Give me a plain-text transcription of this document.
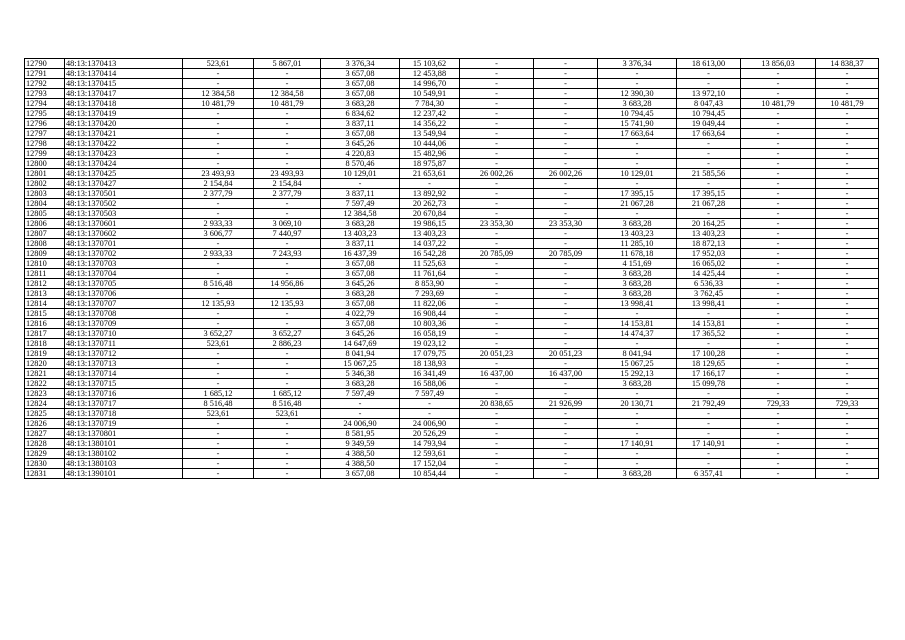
12790	48:13:1370413	523,61	5 867,01	3 376,34	15 103,62	-	-	3 376,34	18 613,00	13 856,03	14 838,37
12791	48:13:1370414	-	-	3 657,08	12 453,88	-	-	-	-	-	-
12792	48:13:1370415	-	-	3 657,08	14 996,70	-	-	-	-	-	-
12793	48:13:1370417	12 384,58	12 384,58	3 657,08	10 549,91	-	-	12 390,30	13 972,10	-	-
12794	48:13:1370418	10 481,79	10 481,79	3 683,28	7 784,30	-	-	3 683,28	8 047,43	10 481,79	10 481,79
12795	48:13:1370419	-	-	6 834,62	12 237,42	-	-	10 794,45	10 794,45	-	-
12796	48:13:1370420	-	-	3 837,11	14 356,22	-	-	15 741,90	19 049,44	-	-
12797	48:13:1370421	-	-	3 657,08	13 549,94	-	-	17 663,64	17 663,64	-	-
12798	48:13:1370422	-	-	3 645,26	10 444,06	-	-	-	-	-	-
12799	48:13:1370423	-	-	4 220,83	15 482,96	-	-	-	-	-	-
12800	48:13:1370424	-	-	8 570,46	18 975,87	-	-	-	-	-	-
12801	48:13:1370425	23 493,93	23 493,93	10 129,01	21 653,61	26 002,26	26 002,26	10 129,01	21 585,56	-	-
12802	48:13:1370427	2 154,84	2 154,84	-	-	-	-	-	-	-	-
12803	48:13:1370501	2 377,79	2 377,79	3 837,11	13 892,92	-	-	17 395,15	17 395,15	-	-
12804	48:13:1370502	-	-	7 597,49	20 262,73	-	-	21 067,28	21 067,28	-	-
12805	48:13:1370503	-	-	12 384,58	20 670,84	-	-	-	-	-	-
12806	48:13:1370601	2 933,33	3 069,10	3 683,28	19 986,15	23 353,30	23 353,30	3 683,28	20 164,25	-	-
12807	48:13:1370602	3 606,77	7 440,97	13 403,23	13 403,23	-	-	13 403,23	13 403,23	-	-
12808	48:13:1370701	-	-	3 837,11	14 037,22	-	-	11 285,10	18 872,13	-	-
12809	48:13:1370702	2 933,33	7 243,93	16 437,39	16 542,28	20 785,09	20 785,09	11 678,18	17 952,03	-	-
12810	48:13:1370703	-	-	3 657,08	11 525,63	-	-	4 151,69	16 065,02	-	-
12811	48:13:1370704	-	-	3 657,08	11 761,64	-	-	3 683,28	14 425,44	-	-
12812	48:13:1370705	8 516,48	14 956,86	3 645,26	8 853,90	-	-	3 683,28	6 536,33	-	-
12813	48:13:1370706	-	-	3 683,28	7 293,69	-	-	3 683,28	3 762,45	-	-
12814	48:13:1370707	12 135,93	12 135,93	3 657,08	11 822,06	-	-	13 998,41	13 998,41	-	-
12815	48:13:1370708	-	-	4 022,79	16 908,44	-	-	-	-	-	-
12816	48:13:1370709	-	-	3 657,08	10 803,36	-	-	14 153,81	14 153,81	-	-
12817	48:13:1370710	3 652,27	3 652,27	3 645,26	16 058,19	-	-	14 474,37	17 365,52	-	-
12818	48:13:1370711	523,61	2 886,23	14 647,69	19 023,12	-	-	-	-	-	-
12819	48:13:1370712	-	-	8 041,94	17 079,75	20 051,23	20 051,23	8 041,94	17 100,28	-	-
12820	48:13:1370713	-	-	15 067,25	18 138,93	-	-	15 067,25	18 129,65	-	-
12821	48:13:1370714	-	-	5 346,38	16 341,49	16 437,00	16 437,00	15 292,13	17 166,17	-	-
12822	48:13:1370715	-	-	3 683,28	16 588,06	-	-	3 683,28	15 099,78	-	-
12823	48:13:1370716	1 685,12	1 685,12	7 597,49	7 597,49	-	-	-	-	-	-
12824	48:13:1370717	8 516,48	8 516,48	-	-	20 838,65	21 926,99	20 130,71	21 792,49	729,33	729,33
12825	48:13:1370718	523,61	523,61	-	-	-	-	-	-	-	-
12826	48:13:1370719	-	-	24 006,90	24 006,90	-	-	-	-	-	-
12827	48:13:1370801	-	-	8 581,95	20 526,29	-	-	-	-	-	-
12828	48:13:1380101	-	-	9 349,59	14 793,94	-	-	17 140,91	17 140,91	-	-
12829	48:13:1380102	-	-	4 388,50	12 593,61	-	-	-	-	-	-
12830	48:13:1380103	-	-	4 388,50	17 152,04	-	-	-	-	-	-
12831	48:13:1390101	-	-	3 657,08	10 854,44	-	-	3 683,28	6 357,41	-	-
